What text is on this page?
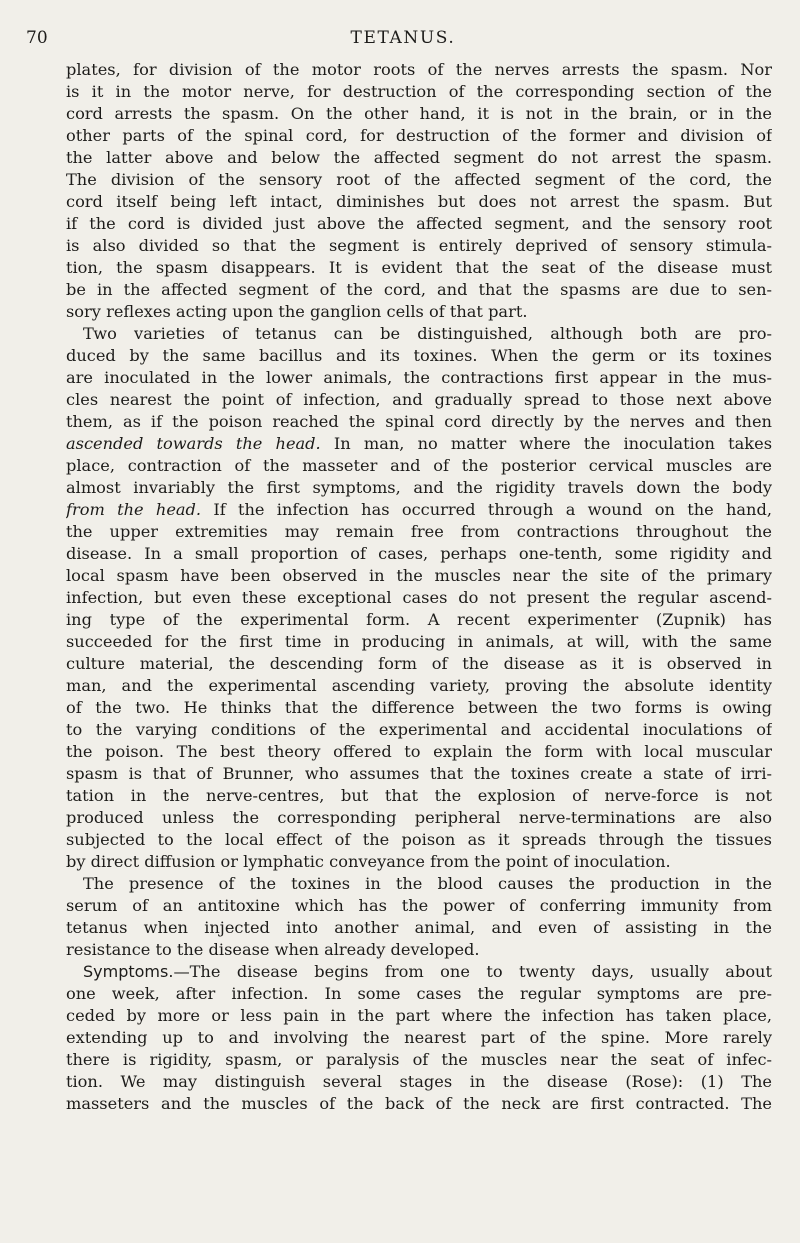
70	TETANUS.
plates, for division of the motor roots of the nerves arrests the spasm. Nor
is it in the motor nerve, for destruction of the corresponding section of the
cord arrests the spasm. On the other hand, it is not in the brain, or in the
other parts of the spinal cord, for destruction of the former and division of
the latter above and below the affected segment do not arrest the spasm.
The division of the sensory root of the affected segment of the cord, the
cord itself being left intact, diminishes but does not arrest the spasm. But
if the cord is divided just above the affected segment, and the sensory root
is also divided so that the segment is entirely deprived of sensory stimula-
tion, the spasm disappears. It is evident that the seat of the disease must
be in the affected segment of the cord, and that the spasms are due to sen-
sory reflexes acting upon the ganglion cells of that part.
Two varieties of tetanus can be distinguished, although both are pro-
duced by the same bacillus and its toxines. When the germ or its toxines
are inoculated in the lower animals, the contractions first appear in the mus-
cles nearest the point of infection, and gradually spread to those next above
them, as if the poison reached the spinal cord directly by the nerves and then
ascended towards the head. In man, no matter where the inoculation takes
place, contraction of the masseter and of the posterior cervical muscles are
almost invariably the first symptoms, and the rigidity travels down the body
from the head. If the infection has occurred through a wound on the hand,
the upper extremities may remain free from contractions throughout the
disease. In a small proportion of cases, perhaps one-tenth, some rigidity and
local spasm have been observed in the muscles near the site of the primary
infection, but even these exceptional cases do not present the regular ascend-
ing type of the experimental form. A recent experimenter (Zupnik) has
succeeded for the first time in producing in animals, at will, with the same
culture material, the descending form of the disease as it is observed in
man, and the experimental ascending variety, proving the absolute identity
of the two. He thinks that the difference between the two forms is owing
to the varying conditions of the experimental and accidental inoculations of
the poison. The best theory offered to explain the form with local muscular
spasm is that of Brunner, who assumes that the toxines create a state of irri-
tation in the nerve-centres, but that the explosion of nerve-force is not
produced unless the corresponding peripheral nerve-terminations are also
subjected to the local effect of the poison as it spreads through the tissues
by direct diffusion or lymphatic conveyance from the point of inoculation.
The presence of the toxines in the blood causes the production in the
serum of an antitoxine which has the power of conferring immunity from
tetanus when injected into another animal, and even of assisting in the
resistance to the disease when already developed.
Symptoms.—The disease begins from one to twenty days, usually about
one week, after infection. In some cases the regular symptoms are pre-
ceded by more or less pain in the part where the infection has taken place,
extending up to and involving the nearest part of the spine. More rarely
there is rigidity, spasm, or paralysis of the muscles near the seat of infec-
tion. We may distinguish several stages in the disease (Rose): (1) The
masseters and the muscles of the back of the neck are first contracted. The
